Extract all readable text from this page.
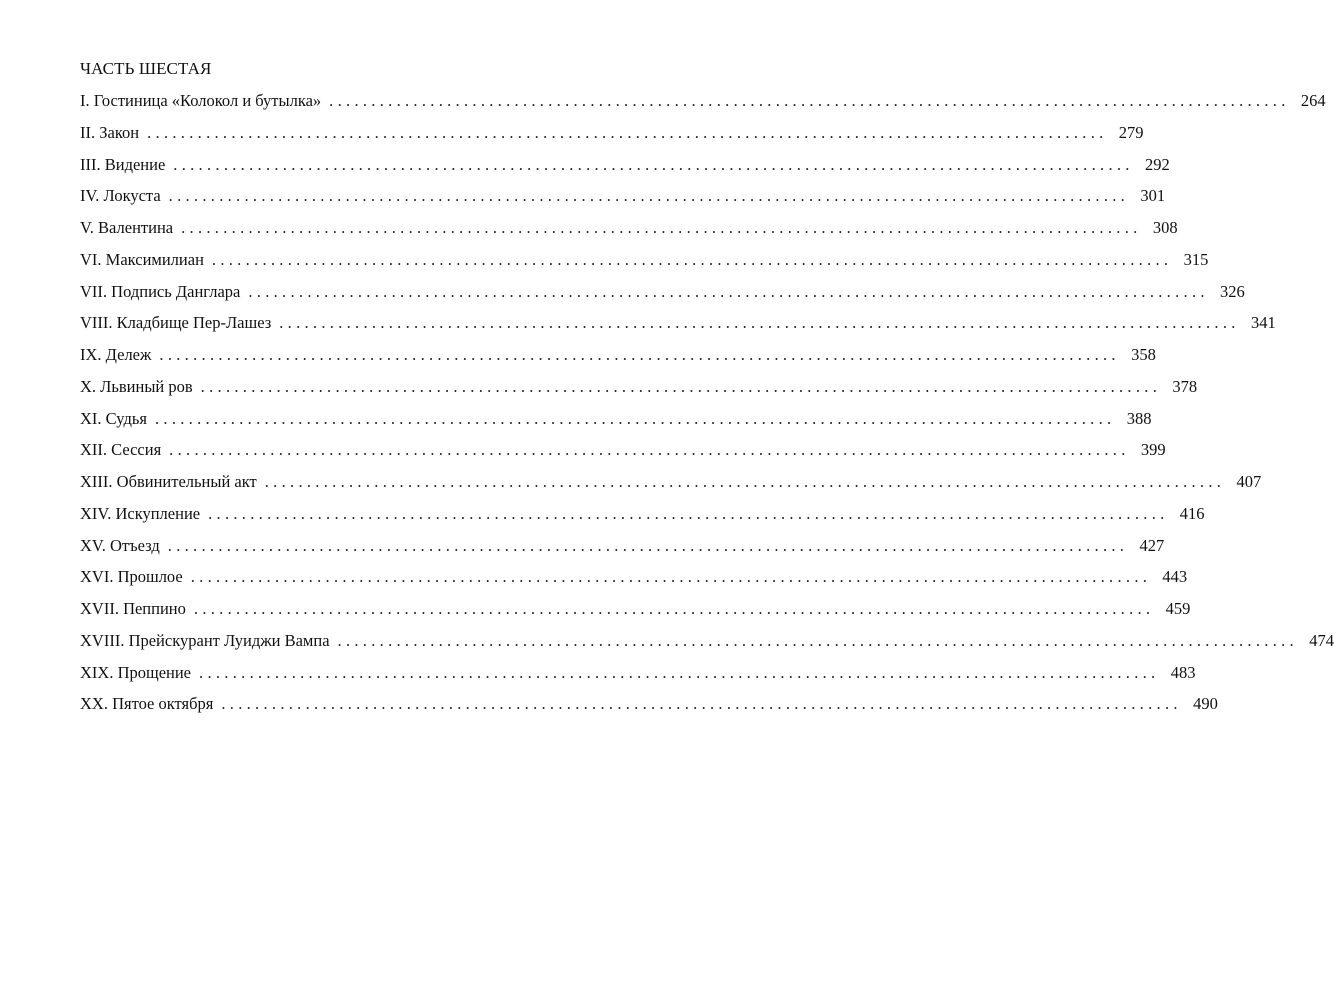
ЧАСТЬ ШЕСТАЯ
I. Гостиница «Колокол и бутылка» .................................................................................................................. 264
II. Закон .................................................................................................................. 279
III. Видение .................................................................................................................. 292
IV. Локуста .................................................................................................................. 301
V. Валентина .................................................................................................................. 308
VI. Максимилиан .................................................................................................................. 315
VII. Подпись Данглара .................................................................................................................. 326
VIII. Кладбище Пер-Лашез .................................................................................................................. 341
IX. Дележ .................................................................................................................. 358
X. Львиный ров .................................................................................................................. 378
XI. Судья .................................................................................................................. 388
XII. Сессия .................................................................................................................. 399
XIII. Обвинительный акт .................................................................................................................. 407
XIV. Искупление .................................................................................................................. 416
XV. Отъезд .................................................................................................................. 427
XVI. Прошлое .................................................................................................................. 443
XVII. Пеппино .................................................................................................................. 459
XVIII. Прейскурант Луиджи Вампа .................................................................................................................. 474
XIX. Прощение .................................................................................................................. 483
XX. Пятое октября .................................................................................................................. 490
